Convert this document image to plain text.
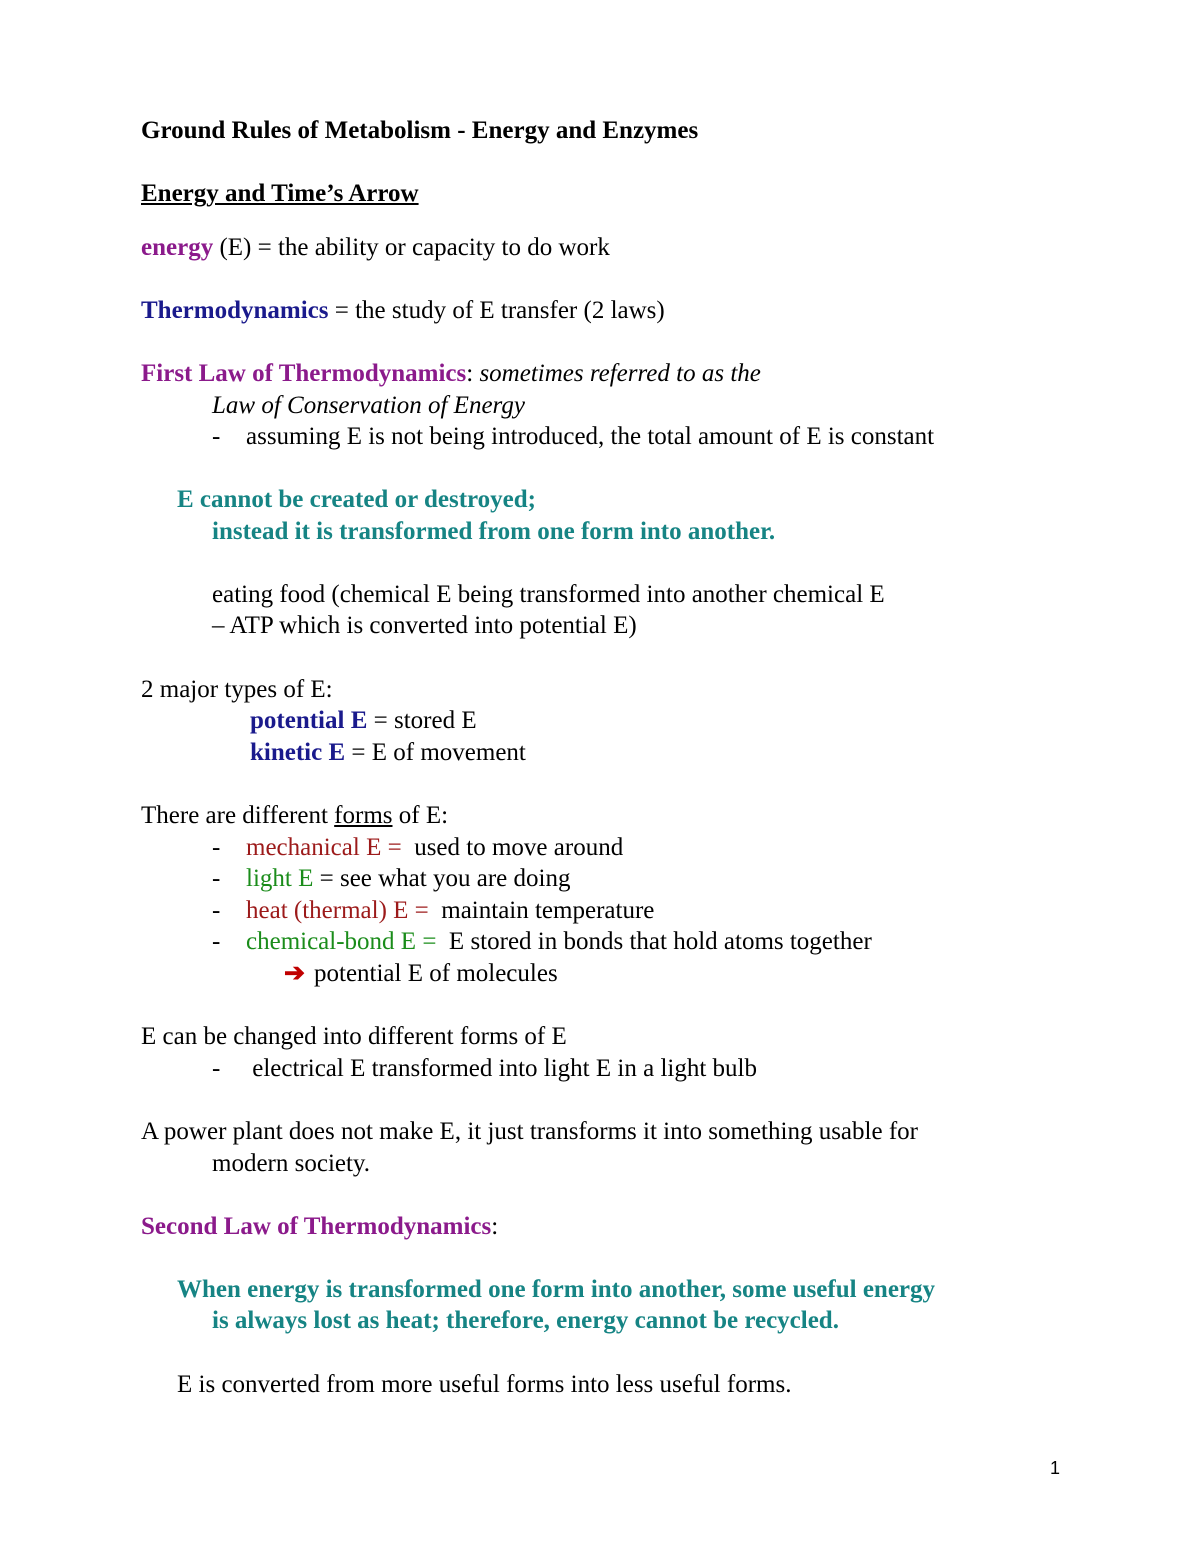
Ground Rules of Metabolism - Energy and Enzymes
Energy and Time’s Arrow
energy (E) = the ability or capacity to do work
Thermodynamics = the study of E transfer (2 laws)
First Law of Thermodynamics: sometimes referred to as the
Law of Conservation of Energy
- assuming E is not being introduced, the total amount of E is constant
E cannot be created or destroyed;
instead it is transformed from one form into another.
eating food (chemical E being transformed into another chemical E
– ATP which is converted into potential E)
2 major types of E:
potential E = stored E
kinetic E = E of movement
There are different forms of E:
- mechanical E =  used to move around
- light E = see what you are doing
- heat (thermal) E =  maintain temperature
- chemical-bond E =  E stored in bonds that hold atoms together
➔ potential E of molecules
E can be changed into different forms of E
- electrical E transformed into light E in a light bulb
A power plant does not make E, it just transforms it into something usable for
modern society.
Second Law of Thermodynamics:
When energy is transformed one form into another, some useful energy
is always lost as heat; therefore, energy cannot be recycled.
E is converted from more useful forms into less useful forms.
1
